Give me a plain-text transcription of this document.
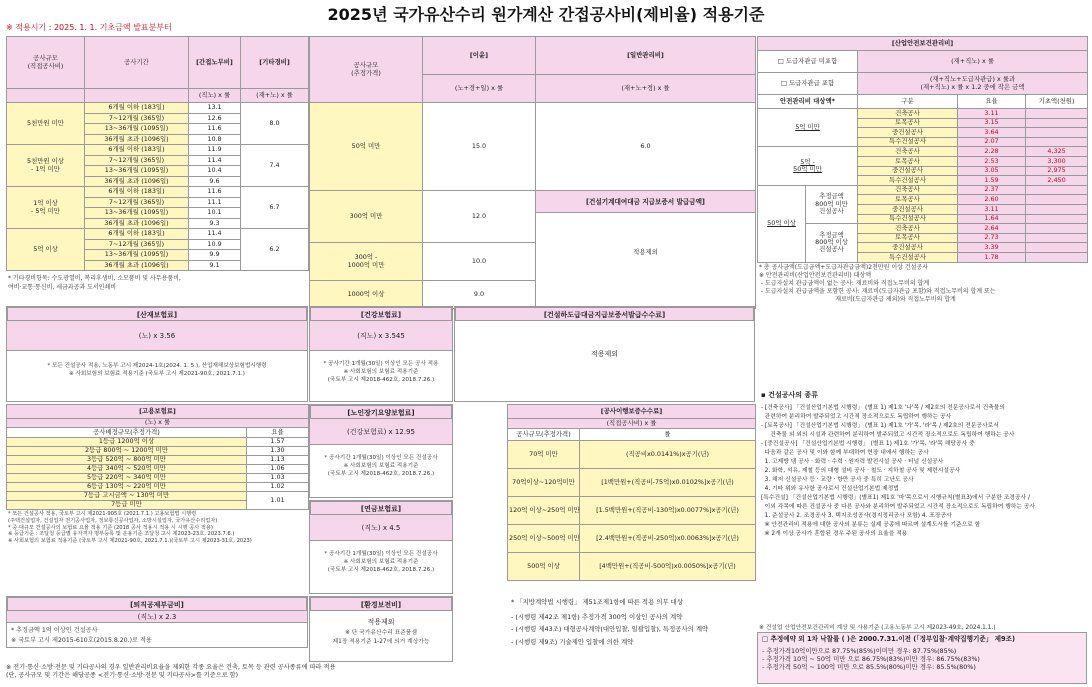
2025년 국가유산수리 원가계산 간접공사비(제비율) 적용기준
※ 적용시기 : 2025. 1. 1. 기초금액 발표분부터
공사규모
(직접공사비)	공사기간	[간접노무비]	[기타경비]
		(직노) x 률	(재+노) x 률
5천만원 미만	6개월 이하 (183일)	13.1	8.0
	7~12개월 (365일)	12.6	
	13~36개월 (1095일)	11.6	
	36개월 초과 (1096일)	10.8	
5천만원 이상
- 1억 미만	6개월 이하 (183일)	11.9	7.4
	7~12개월 (365일)	11.4	
	13~36개월 (1095일)	10.4	
	36개월 초과 (1096일)	9.6	
1억 이상
- 5억 미만	6개월 이하 (183일)	11.6	6.7
	7~12개월 (365일)	11.1	
	13~36개월 (1095일)	10.1	
	36개월 초과 (1096일)	9.3	
5억 이상	6개월 이하 (183일)	11.4	6.2
	7~12개월 (365일)	10.9	
	13~36개월 (1095일)	9.9	
	36개월 초과 (1096일)	9.1	
* 기타경비항목: 수도광열비, 복리후생비, 소모품비 및 사무용품비,
여비·교통·통신비, 세금과공과 도서인쇄비
공사규모
(추정가격)	[이윤]	[일반관리비]
	(노+경+일) x 률	(재+노+경) x 률
50억 미만	15.0	6.0
300억 미만	12.0	[건설기계대여대금 지급보증서 발급금액]
적용제외

300억 -
1000억 미만	10.0	
1000억 이상	9.0	
[산업안전보건관리비]				
□ 도급자관급 미포함		(재+직노) x 률		
□ 도급자관급 포함		(재+직노+도급자관급) x 률과
(재+직노) x 률 x 1.2 중에 작은 금액		
안전관리비 대상액*		구분	요율	기초액(천원)
5억 미만		건축공사	3.11	
		토목공사	3.15	
		중건설공사	3.64	
		특수건설공사	2.07	
5억 -
50억 미만		건축공사	2.28	4,325
		토목공사	2.53	3,300
		중건설공사	3.05	2,975
		특수건설공사	1.59	2,450
50억 이상	추정금액
800억 미만
건설공사	건축공사	2.37	
		토목공사	2.60	
		중건설공사	3.11	
		특수건설공사	1.64	
	추정금액
800억 이상
건설공사	건축공사	2.64	
		토목공사	2.73	
		중건설공사	3.39	
		특수건설공사	1.78	
* 총 공사금액(도급금액+도급자관급금액)2천만원 이상 건설공사
※ 안전관리비(산업안전보건관리비) 대상액
- 도급자설치 관급금액이 없는 공사: 재료비와 직접노무비의 합계
- 도급자설치 관급금액을 포함한 공사: 재료비(도급자관급 포함)와 직접노무비의 합계 또는
재료비(도급자관급 제외)와 직접노무비의 합계
[산재보험료]
(노) x 3.56
* 모든 건설공사 적용, 노동부 고시 제2024-1호(2024. 1. 5.), 산업재해보상보험법시행령
※ 사회보험의 보험료 적용기준 (국토부 고시 제2021-90호, 2021.7.1.)
[건강보험료]
(직노) x 3.545
* 공사기간 1개월(30일) 이상인 모든 공사 적용
※ 사회보험의 보험료 적용기준
(국토부 고시 제2018-462호, 2018.7.26.)
[건설하도급대금지급보증서발급수수료]
적용제외
[고용보험료]	
(노) x 률	
공사배정규모(추정가격)	요율
1등급 1200억 이상	1.57
2등급 800억 ~ 1200억 미만	1.30
3등급 520억 ~ 800억 미만	1.13
4등급 340억 ~ 520억 미만	1.06
5등급 220억 ~ 340억 미만	1.03
6등급 130억 ~ 220억 미만	1.02
7등급 고시금액 ~ 130억 미만	1.01
7등급 미만	
* 모든 건설공사 적용, 국토부 고시 제2021-905호 (2021.7.1.) 고용보험법 시행령
(주택건설업자, 건설업자 전기공사업자, 정보통신공사업자, 소방시설업자, 국가유산수리업자)
* 중·대규모 건설공사의 보험료 요율 적용 기준 (2018 공사 적용시 적용 시 시행 공사 적용)
※ 등급기준 : 조달청 등급별 유자격자 명부등록 및 운용기준 조달청 고시 제2023-23호, 2023.7.6.)
※ 사회보험의 보험료 적용기준 (국토부 고시 제2021-90호, 2021.7.1.)(국토부 고시 제2023-31호, 2023)
[노인장기요양보험료]
(건강보험료) x 12.95
* 공사기간 1개월(30일) 이상인 모든 건설공사
※ 사회보험의 보험료 적용기준
(국토부 고시 제2018-462호, 2018.7.26.)
[연금보험료]
(직노) x 4.5
* 공사기간 1개월(30일) 이상인 모든 건설공사
※ 사회보험의 보험료 적용기준
(국토부 고시 제2018-462호, 2018.7.26.)
[공사이행보증수수료]	
(직접공사비) x 률	
공사규모(추정가격)	률
70억 미만	(직공비x0.0141%)x공기(년)
70억이상~120억미만	[1백만원+(직공비-75억)x0.0102%]x공기(년)
120억 이상~250억 미만	[1.5백만원+(직공비-130억)x0.0077%]x공기(년)
250억 이상~500억 미만	[2.4백만원+(직공비-250억)x0.0063%]x공기(년)
500억 이상	[4백만원+(직공비-500억)x0.0050%]x공기(년)
[퇴직공제부금비]
(직노) x 2.3
* 추정금액 1억 이상인 건설공사
※ 국토부 고시 제2015-610호(2015.8.20.)로 적용
[환경보전비]
적용제외
※ 단 국가유산수리 표준품셈
제1장 적용기준 1-27에 의거 계상가능
* 「지방계약법 시행령」 제51조제1항에 따른 적용 의무 대상
- (시행령 제42조 제1항) 추정가격 300억 이상인 공사의 계약
- (시행령 제43조) 대형공사계약(대안입찰, 일괄입찰), 특정공사의 계약
- (시행령 제9조) 기술제안 입찰에 의한 계약
※ 전기·통신·소방·전문 및 기타공사의 경우 일반관리비요율을 제외한 각종 요율은 건축, 토목 등 관련 공사종류에 따라 적용
(단, 공사규모 및 기간은 해당공종 <전기·통신·소방·전문 및 기타공사>를 기준으로 함)
▪ 건설공사의 종류
- [건축공사] 「건설산업기본법 시행령」 (별표 1) 제1호 '나'목 / 제2호의 전문공사로서 건축물의
관련하여 분리하여 발주되었고 시간적 장소적으로도 독립하여 행하는 공사
- [토목공사] 「건설산업기본법 시행령」 (별표 1) 제1호 '가'목, '라'목 / 제2호의 전문공사로서
건축물 외 외의 시설과 관련하여 분리하여 발주되었고 시간적 장소적으로도 독립하여 행하는 공사
- [중건설공사] 「건설산업기본법 시행령」 (별표 1) 제1호 '가'목, '라'목 해당공사 중
다음과 같은 공사 및 이와 함께 부대하여 현장 내에서 행하는 공사
1. 고제방 댐 공사 · 화력 · 수력 · 원자력 발전시설 공사 · 터널 신설공사
2. 화학, 석유, 제철 등의 대형 설비 공사 · 철도 · 지하철 공사 및 제련시설공사
3. 해저 신설공사 등 · 교량 · 항만 공사 중 특히 고난도 공사
4. 기타 위와 유사한 공사로서 건설산업기본법 제정법
[특수건설] 「건설산업기본법 시행령」(별표1) 제1호 '마'목으로서 시행규칙(별표3)에서 구분한 조경공사 /
이외 각목에 따른 건설공사 중 다른 공사와 분리하여 발주되었고 시간적 장소적으로도 독립하여 행하는 공사
1. 준설공사 2. 조경공사 3. 택지조성공사(경지정리공사 포함) 4. 포장공사
※ 안전관리비 적용에 대한 공사의 분류는 실제 공종에 따르며 설계도서를 기준으로 함
※ 2개 이상 공사가 혼합된 경우 주된 공사의 요율을 적용
※ 건설업 산업안전보건관리비 계상 및 사용기준 (고용노동부 고시 제2023-49호, 2024.1.1.)
□ 추정예약 외 1차 낙찰률 ( )은 2000.7.31.이전 (「정부입찰·계약집행기준」 제9조)
- 추정가격10억이만으로 87.75%(85%)이미만 경우: 87.75%(85%)
- 추정가격 10억 ~ 50억 미만 으로 86.75%(83%)미만 경우: 86.75%(83%)
- 추정가격 50억 ~ 100억 미만 으로 85.5%(80%)미만 경우: 85.5%(80%)
